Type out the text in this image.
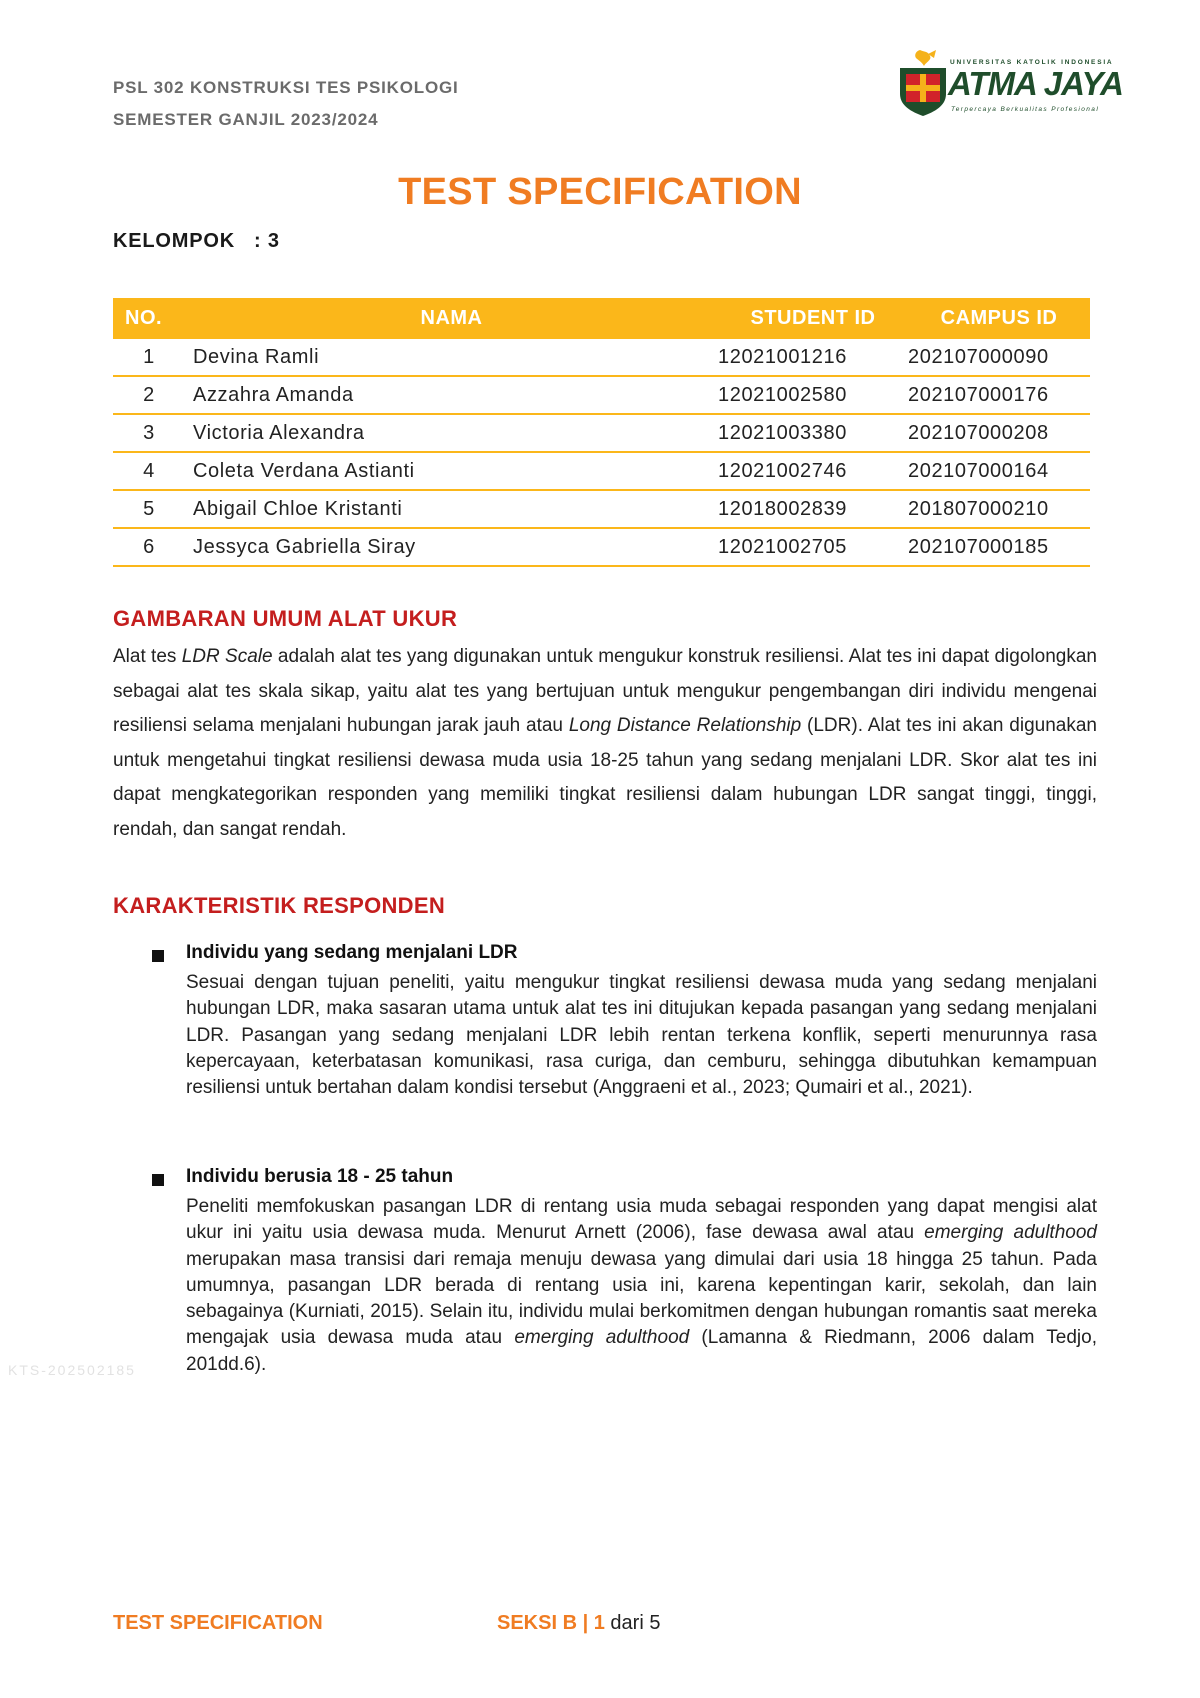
PSL 302 KONSTRUKSI TES PSIKOLOGI
SEMESTER GANJIL 2023/2024
UNIVERSITAS KATOLIK INDONESIA
ATMA JAYA
Terpercaya Berkualitas Profesional
TEST SPECIFICATION
KELOMPOK   : 3
NO.	NAMA	STUDENT ID	CAMPUS ID
1	Devina Ramli	12021001216	202107000090
2	Azzahra Amanda	12021002580	202107000176
3	Victoria Alexandra	12021003380	202107000208
4	Coleta Verdana Astianti	12021002746	202107000164
5	Abigail Chloe Kristanti	12018002839	201807000210
6	Jessyca Gabriella Siray	12021002705	202107000185
GAMBARAN UMUM ALAT UKUR
Alat tes LDR Scale adalah alat tes yang digunakan untuk mengukur konstruk resiliensi. Alat tes ini dapat digolongkan sebagai alat tes skala sikap, yaitu alat tes yang bertujuan untuk mengukur pengembangan diri individu mengenai resiliensi selama menjalani hubungan jarak jauh atau Long Distance Relationship (LDR). Alat tes ini akan digunakan untuk mengetahui tingkat resiliensi dewasa muda usia 18-25 tahun yang sedang menjalani LDR. Skor alat tes ini dapat mengkategorikan responden yang memiliki tingkat resiliensi dalam hubungan LDR sangat tinggi, tinggi, rendah, dan sangat rendah.
KARAKTERISTIK RESPONDEN
Individu yang sedang menjalani LDR
Sesuai dengan tujuan peneliti, yaitu mengukur tingkat resiliensi dewasa muda yang sedang menjalani hubungan LDR, maka sasaran utama untuk alat tes ini ditujukan kepada pasangan yang sedang menjalani LDR. Pasangan yang sedang menjalani LDR lebih rentan terkena konflik, seperti menurunnya rasa kepercayaan, keterbatasan komunikasi, rasa curiga, dan cemburu, sehingga dibutuhkan kemampuan resiliensi untuk bertahan dalam kondisi tersebut (Anggraeni et al., 2023; Qumairi et al., 2021).
Individu berusia 18 - 25 tahun
Peneliti memfokuskan pasangan LDR di rentang usia muda sebagai responden yang dapat mengisi alat ukur ini yaitu usia dewasa muda. Menurut Arnett (2006), fase dewasa awal atau emerging adulthood merupakan masa transisi dari remaja menuju dewasa yang dimulai dari usia 18 hingga 25 tahun. Pada umumnya, pasangan LDR berada di rentang usia ini, karena kepentingan karir, sekolah, dan lain sebagainya (Kurniati, 2015). Selain itu, individu mulai berkomitmen dengan hubungan romantis saat mereka mengajak usia dewasa muda atau emerging adulthood (Lamanna & Riedmann, 2006 dalam Tedjo, 201dd.6).
KTS-202502185
TEST SPECIFICATION	SEKSI B | 1 dari 5
